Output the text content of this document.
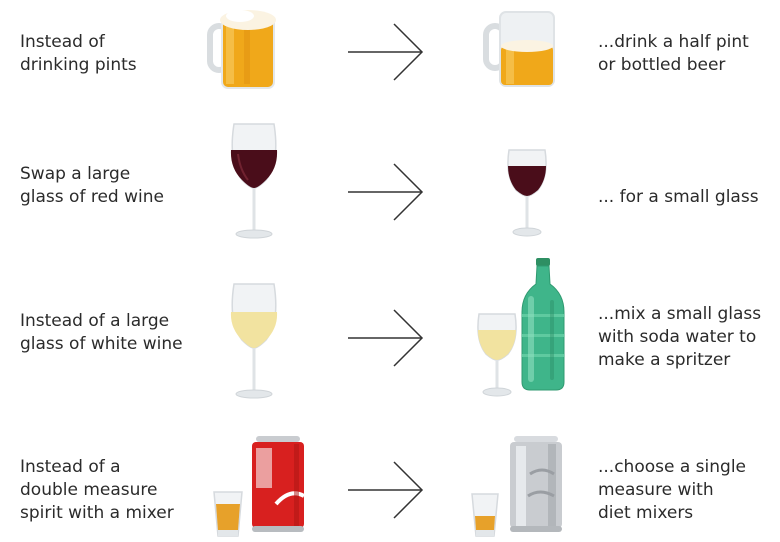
Instead of
drinking pints
...drink a half pint
or bottled beer
Swap a large
glass of red wine	... for a small glass
Instead of a large
glass of white wine
...mix a small glass
with soda water to
make a spritzer
Instead of a
double measure
spirit with a mixer
...choose a single
measure with
diet mixers
